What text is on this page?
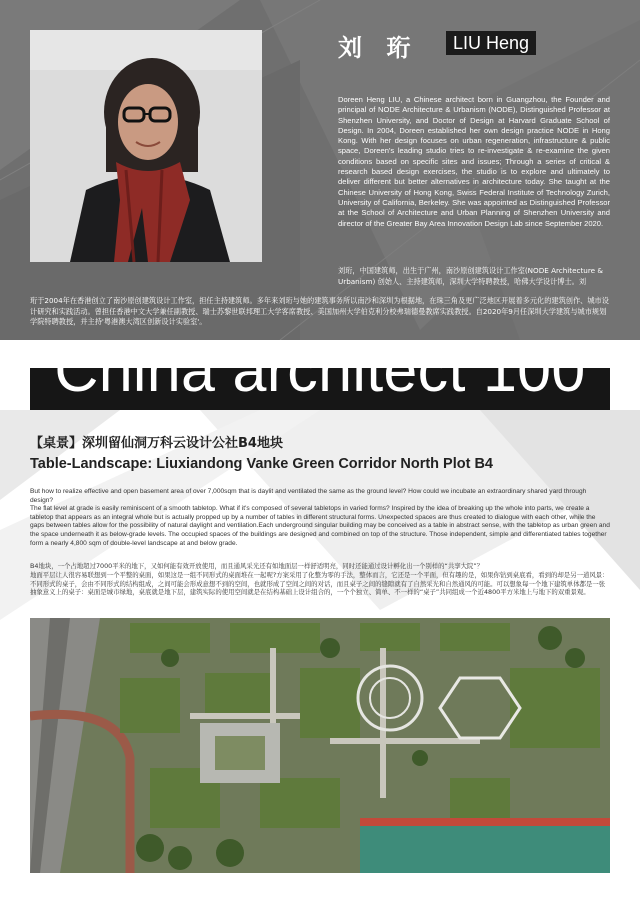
刘 珩	LIU Heng

Doreen Heng LIU, a Chinese architect born in Guangzhou, the Founder and principal of NODE Architecture & Urbanism (NODE), Distinguished Professor at Shenzhen University, and Doctor of Design at Harvard Graduate School of Design. In 2004, Doreen established her own design practice NODE in Hong Kong. With her design focuses on urban regeneration, infrastructure & public space, Doreen's leading studio tries to re-investigate & re-examine the given conditions based on specific sites and issues; Through a series of critical & research based design exercises, the studio is to explore and ultimately to deliver different but better alternatives in architecture today. She taught at the Chinese University of Hong Kong, Swiss Federal Institute of Technology Zurich, University of California, Berkeley. She was appointed as Distinguished Professor at the School of Architecture and Urban Planning of Shenzhen University and director of the Greater Bay Area Innovation Design Lab since September 2020.

刘珩，中国建筑师，出生于广州，南沙原创建筑设计工作室(NODE Architecture & Urbanism) 创始人、主持建筑师，深圳大学特聘教授，哈佛大学设计博士。刘

珩于2004年在香港创立了南沙原创建筑设计工作室，担任主持建筑师。多年来刘珩与她的建筑事务所以南沙和深圳为根据地，在珠三角及更广泛地区开展着多元化的建筑创作、城市设计研究和实践活动。曾担任香港中文大学兼任副教授、瑞士苏黎世联邦理工大学客席教授、美国加州大学伯克利分校弗瑞德曼教席实践教授。自2020年9月任深圳大学建筑与城市规划学院特聘教授，并主持'粤港澳大湾区创新设计实验室'。

China architect 100
【桌景】深圳留仙洞万科云设计公社B4地块
Table-Landscape: Liuxiandong Vanke Green Corridor North Plot B4

But how to realize effective and open basement area of over 7,000sqm that is daylit and ventilated the same as the ground level? How could we incubate an extraordinary shared yard through design?
The flat level at grade is easily reminiscent of a smooth tabletop. What if it's composed of several tabletops in varied forms? Inspired by the idea of breaking up the whole into parts, we create a tabletop that appears as an integral whole but is actually propped up by a number of tables in different structural forms. Unexpected spaces are thus created to dialogue with each other, while the gaps between tables allow for the possibility of natural daylight and ventilation.Each underground singular building may be conceived as a table in abstract sense, with the tabletop as urban green and the space underneath it as below-grade levels. The occupied spaces of the buildings are designed and combined on top of the structure. Those independent, simple and differentiated tables together form a nearly 4,800 sqm of double-level landscape at and below grade.

B4地块，一个占地超过7000平米的地下，又如何能有效开放使用，而且通风采光还有如地面层一样舒适明亮，同时还能通过设计孵化出一个别样的“共享大院”？
地面平层让人很容易联想到一个平整的桌面，如果这是一组不同形式的桌面堆在一起呢?方案采用了化整为零的手法，整体而言，它还是一个平面，但有趣的是，如果你钻到桌底看，看到的却是另一道风景：不同形式的桌子，会由不同形式的结构组成，之间可能会形成意想不到的空间，也就形成了空间之间的对话，而且桌子之间的缝隙就有了自然采光和自然通风的可能。可以想象每一个地下建筑单体都是一张抽象意义上的桌子：桌面是城市绿地，桌底就是地下层，建筑实际的使用空间就是在结构基础上设计组合的，一个个独立、简单、不一样的“桌子”共同组成一个近4800平方米地上与地下的双重景观。
